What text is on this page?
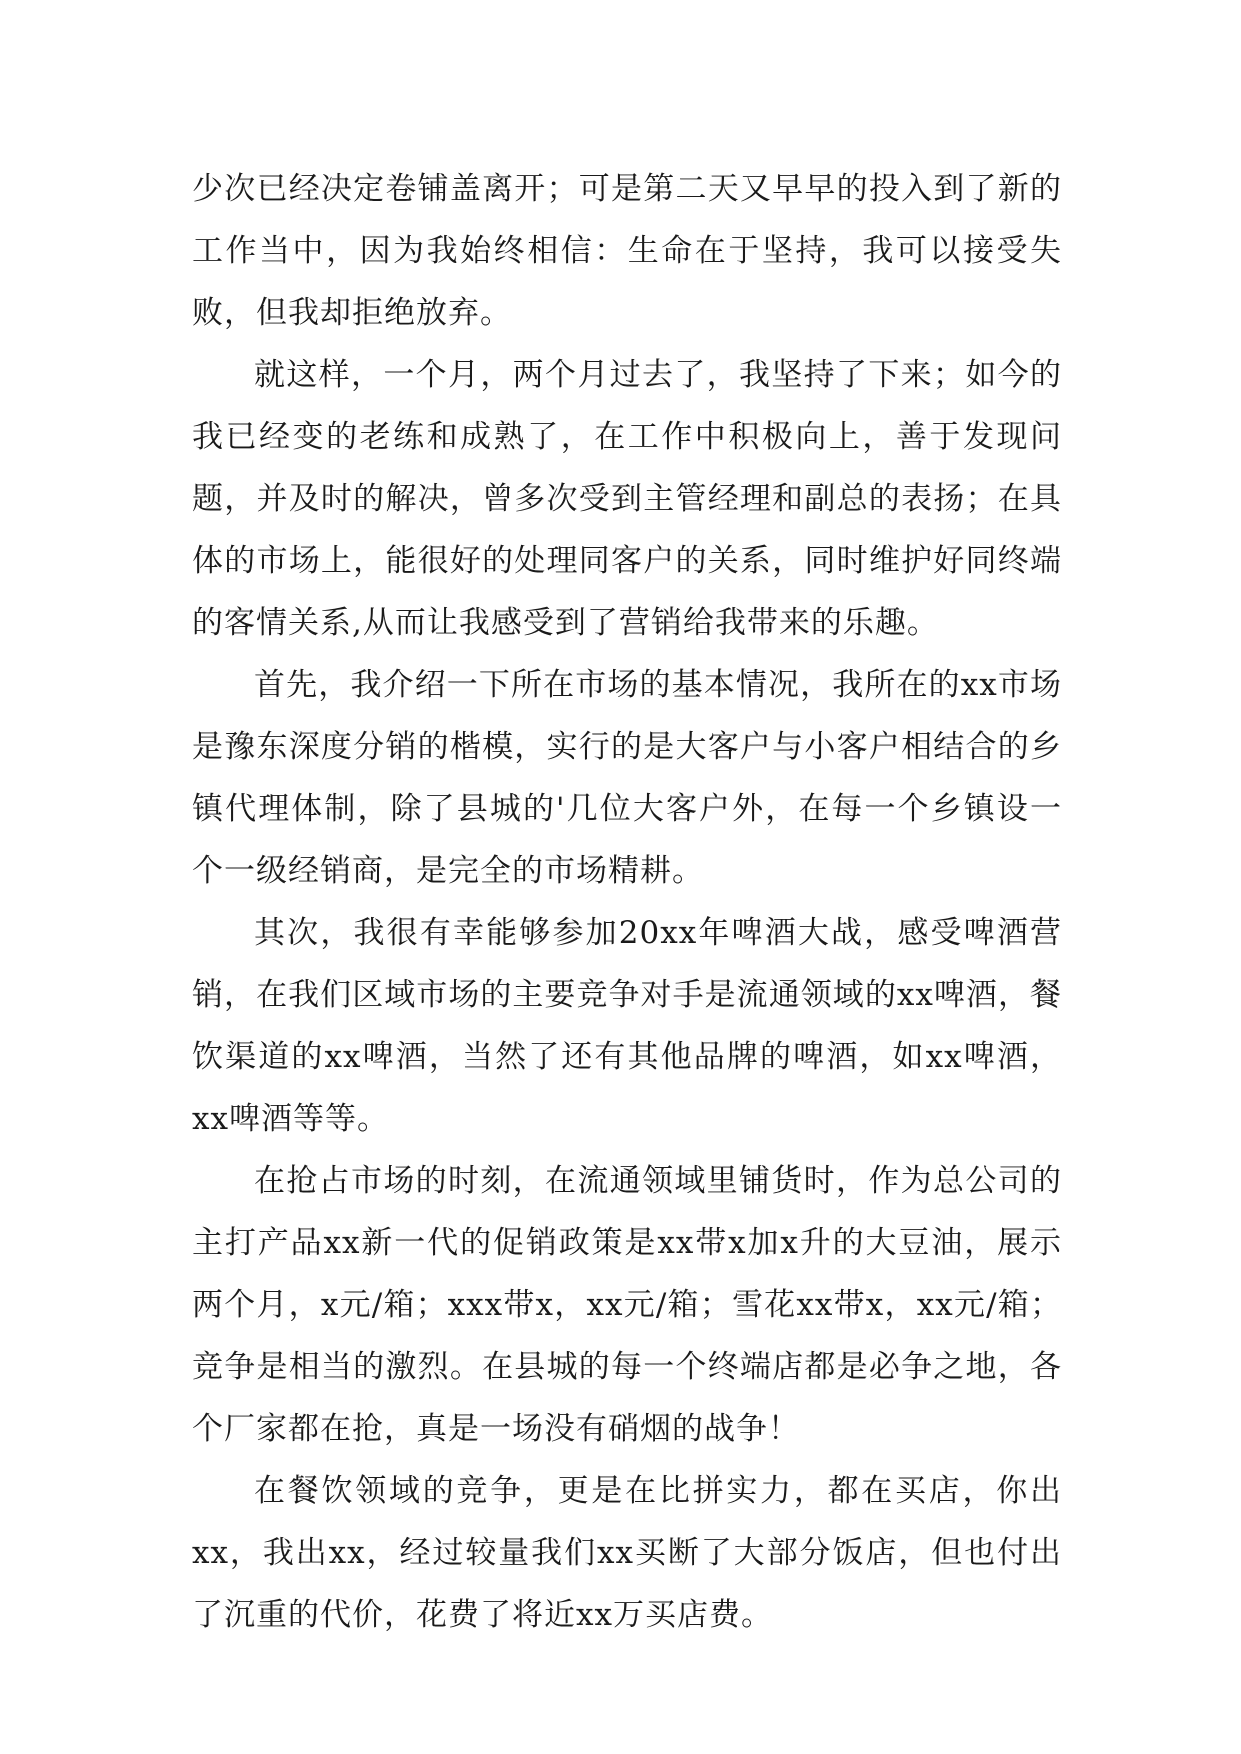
少次已经决定卷铺盖离开；可是第二天又早早的投入到了新的工作当中，因为我始终相信：生命在于坚持，我可以接受失败，但我却拒绝放弃。

就这样，一个月，两个月过去了，我坚持了下来；如今的我已经变的老练和成熟了，在工作中积极向上，善于发现问题，并及时的解决，曾多次受到主管经理和副总的表扬；在具体的市场上，能很好的处理同客户的关系，同时维护好同终端的客情关系,从而让我感受到了营销给我带来的乐趣。

首先，我介绍一下所在市场的基本情况，我所在的xx市场是豫东深度分销的楷模，实行的是大客户与小客户相结合的乡镇代理体制，除了县城的'几位大客户外，在每一个乡镇设一个一级经销商，是完全的市场精耕。

其次，我很有幸能够参加20xx年啤酒大战，感受啤酒营销，在我们区域市场的主要竞争对手是流通领域的xx啤酒，餐饮渠道的xx啤酒，当然了还有其他品牌的啤酒，如xx啤酒，xx啤酒等等。

在抢占市场的时刻，在流通领域里铺货时，作为总公司的主打产品xx新一代的促销政策是xx带x加x升的大豆油，展示两个月，x元/箱；xxx带x，xx元/箱；雪花xx带x，xx元/箱；竞争是相当的激烈。在县城的每一个终端店都是必争之地，各个厂家都在抢，真是一场没有硝烟的战争！

在餐饮领域的竞争，更是在比拼实力，都在买店，你出xx，我出xx，经过较量我们xx买断了大部分饭店，但也付出了沉重的代价，花费了将近xx万买店费。
